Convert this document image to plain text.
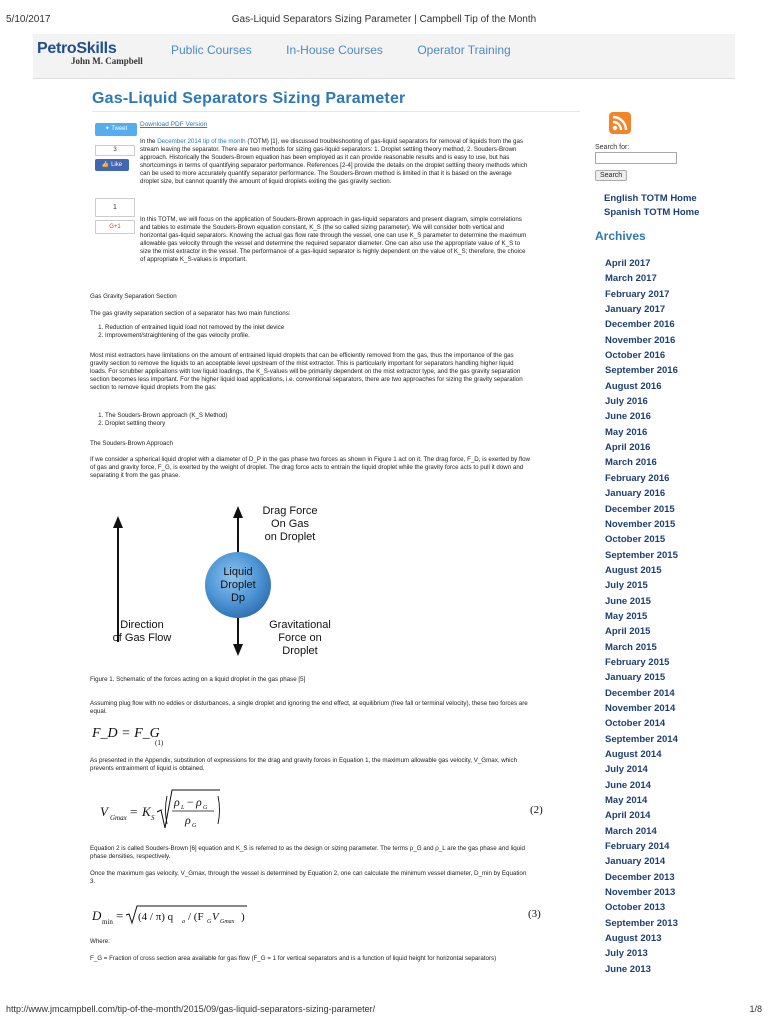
5/10/2017	Gas-Liquid Separators Sizing Parameter | Campbell Tip of the Month
PetroSkills
John M. Campbell
Public Courses	In-House Courses	Operator Training
Gas-Liquid Separators Sizing Parameter
✦ Tweet
3
👍 Like
1
G+1
Download PDF Version
In the December 2014 tip of the month (TOTM) [1], we discussed troubleshooting of gas-liquid separators for removal of liquids from the gas stream leaving the separator. There are two methods for sizing gas-liquid separators: 1. Droplet settling theory method, 2. Souders-Brown approach. Historically the Souders-Brown equation has been employed as it can provide reasonable results and is easy to use, but has shortcomings in terms of quantifying separator performance. References [2-4] provide the details on the droplet settling theory methods which can be used to more accurately quantify separator performance. The Souders-Brown method is limited in that it is based on the average droplet size, but cannot quantify the amount of liquid droplets exiting the gas gravity section.
In this TOTM, we will focus on the application of Souders-Brown approach in gas-liquid separators and present diagram, simple correlations and tables to estimate the Souders-Brown equation constant, K_S (the so called sizing parameter). We will consider both vertical and horizontal gas-liquid separators. Knowing the actual gas flow rate through the vessel, one can use K_S parameter to determine the maximum allowable gas velocity through the vessel and determine the required separator diameter. One can also use the appropriate value of K_S to size the mist extractor in the vessel. The performance of a gas-liquid separator is highly dependent on the value of K_S; therefore, the choice of appropriate K_S-values is important.
Gas Gravity Separation Section
The gas gravity separation section of a separator has two main functions:
1. Reduction of entrained liquid load not removed by the inlet device
2. Improvement/straightening of the gas velocity profile.
Most mist extractors have limitations on the amount of entrained liquid droplets that can be efficiently removed from the gas, thus the importance of the gas gravity section to remove the liquids to an acceptable level upstream of the mist extractor. This is particularly important for separators handling higher liquid loads. For scrubber applications with low liquid loadings, the K_S-values will be primarily dependent on the mist extractor type, and the gas gravity separation section becomes less important. For the higher liquid load applications, i.e. conventional separators, there are two approaches for sizing the gravity separation section to remove liquid droplets from the gas:
1. The Souders-Brown approach (K_S Method)
2. Droplet settling theory
The Souders-Brown Approach
If we consider a spherical liquid droplet with a diameter of D_P in the gas phase two forces as shown in Figure 1 act on it. The drag force, F_D, is exerted by flow of gas and gravity force, F_G, is exerted by the weight of droplet. The drag force acts to entrain the liquid droplet while the gravity force acts to pull it down and separating it from the gas phase.
Liquid
Droplet
Dp
Drag Force
On Gas
on Droplet
Direction
of Gas Flow
Gravitational
Force on
Droplet
Figure 1. Schematic of the forces acting on a liquid droplet in the gas phase [5]
Assuming plug flow with no eddies or disturbances, a single droplet and ignoring the end effect, at equilibrium (free fall or terminal velocity), these two forces are equal.
F_D = F_G
(1)
As presented in the Appendix, substitution of expressions for the drag and gravity forces in Equation 1, the maximum allowable gas velocity, V_Gmax, which prevents entrainment of liquid is obtained.
V Gmax = K S
ρ L − ρ G
ρ G
(2)
Equation 2 is called Souders-Brown [6] equation and K_S is referred to as the design or sizing parameter. The terms ρ_G and ρ_L are the gas phase and liquid phase densities, respectively.
Once the maximum gas velocity, V_Gmax, through the vessel is determined by Equation 2, one can calculate the minimum vessel diameter, D_min by Equation 3.
D min = (4 / π) q a / (F G V Gmax )	(3)
Where:
F_G = Fraction of cross section area available for gas flow (F_G = 1 for vertical separators and is a function of liquid height for horizontal separators)
Search for:
Search
English TOTM Home
Spanish TOTM Home
Archives
April 2017
March 2017
February 2017
January 2017
December 2016
November 2016
October 2016
September 2016
August 2016
July 2016
June 2016
May 2016
April 2016
March 2016
February 2016
January 2016
December 2015
November 2015
October 2015
September 2015
August 2015
July 2015
June 2015
May 2015
April 2015
March 2015
February 2015
January 2015
December 2014
November 2014
October 2014
September 2014
August 2014
July 2014
June 2014
May 2014
April 2014
March 2014
February 2014
January 2014
December 2013
November 2013
October 2013
September 2013
August 2013
July 2013
June 2013
http://www.jmcampbell.com/tip-of-the-month/2015/09/gas-liquid-separators-sizing-parameter/	1/8
